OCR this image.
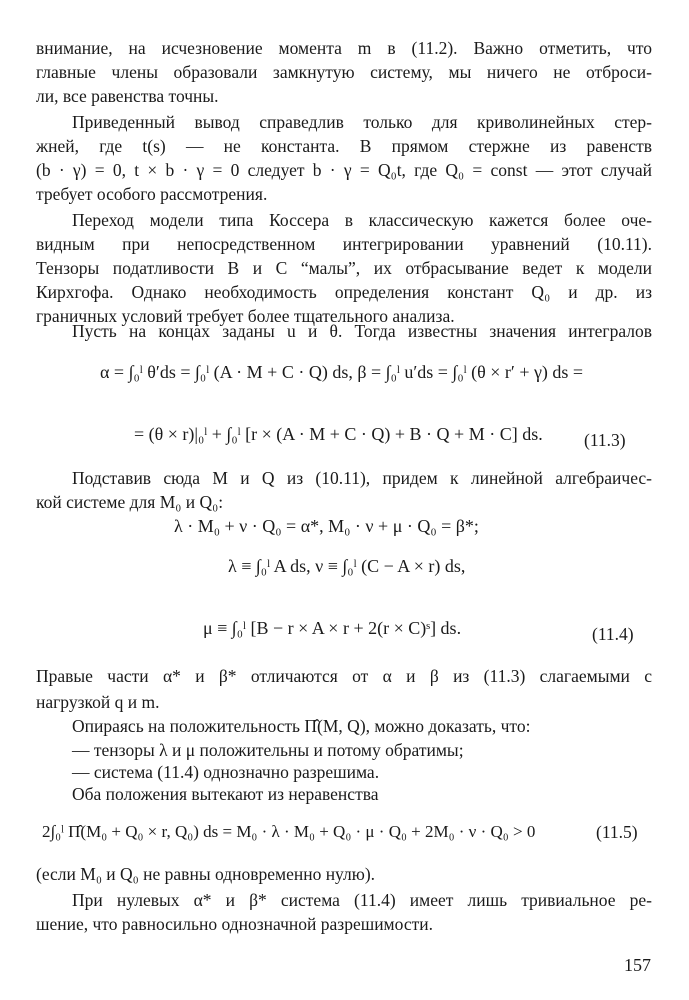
внимание, на исчезновение момента m в (11.2). Важно отметить, что
главные члены образовали замкнутую систему, мы ничего не отброси-
ли, все равенства точны.
Приведенный вывод справедлив только для криволинейных стер-
жней, где t(s) — не константа. В прямом стержне из равенств
(b · γ) = 0, t × b · γ = 0 следует b · γ = Q₀t, где Q₀ = const — этот случай
требует особого рассмотрения.
Переход модели типа Коссера в классическую кажется более оче-
видным при непосредственном интегрировании уравнений (10.11).
Тензоры податливости B и C “малы”, их отбрасывание ведет к модели
Кирхгофа. Однако необходимость определения констант Q₀ и др. из
граничных условий требует более тщательного анализа.
Пусть на концах заданы u и θ. Тогда известны значения интегралов
α = ∫₀ˡ θ′ds = ∫₀ˡ (A · M + C · Q) ds, β = ∫₀ˡ u′ds = ∫₀ˡ (θ × r′ + γ) ds =
= (θ × r)|₀ˡ + ∫₀ˡ [r × (A · M + C · Q) + B · Q + M · C] ds. (11.3)
Подставив сюда M и Q из (10.11), придем к линейной алгебраичес-
кой системе для M₀ и Q₀:
λ · M₀ + ν · Q₀ = α*, M₀ · ν + μ · Q₀ = β*;
λ ≡ ∫₀ˡ A ds, ν ≡ ∫₀ˡ (C − A × r) ds,
μ ≡ ∫₀ˡ [B − r × A × r + 2(r × C)ˢ] ds.	(11.4)
Правые части α* и β* отличаются от α и β из (11.3) слагаемыми с
нагрузкой q и m.
Опираясь на положительность Π̂(M, Q), можно доказать, что:
— тензоры λ и μ положительны и потому обратимы;
— система (11.4) однозначно разрешима.
Оба положения вытекают из неравенства
2∫₀ˡ Π̂(M₀ + Q₀ × r, Q₀) ds = M₀ · λ · M₀ + Q₀ · μ · Q₀ + 2M₀ · ν · Q₀ > 0	(11.5)
(если M₀ и Q₀ не равны одновременно нулю).
При нулевых α* и β* система (11.4) имеет лишь тривиальное ре-
шение, что равносильно однозначной разрешимости.
157
